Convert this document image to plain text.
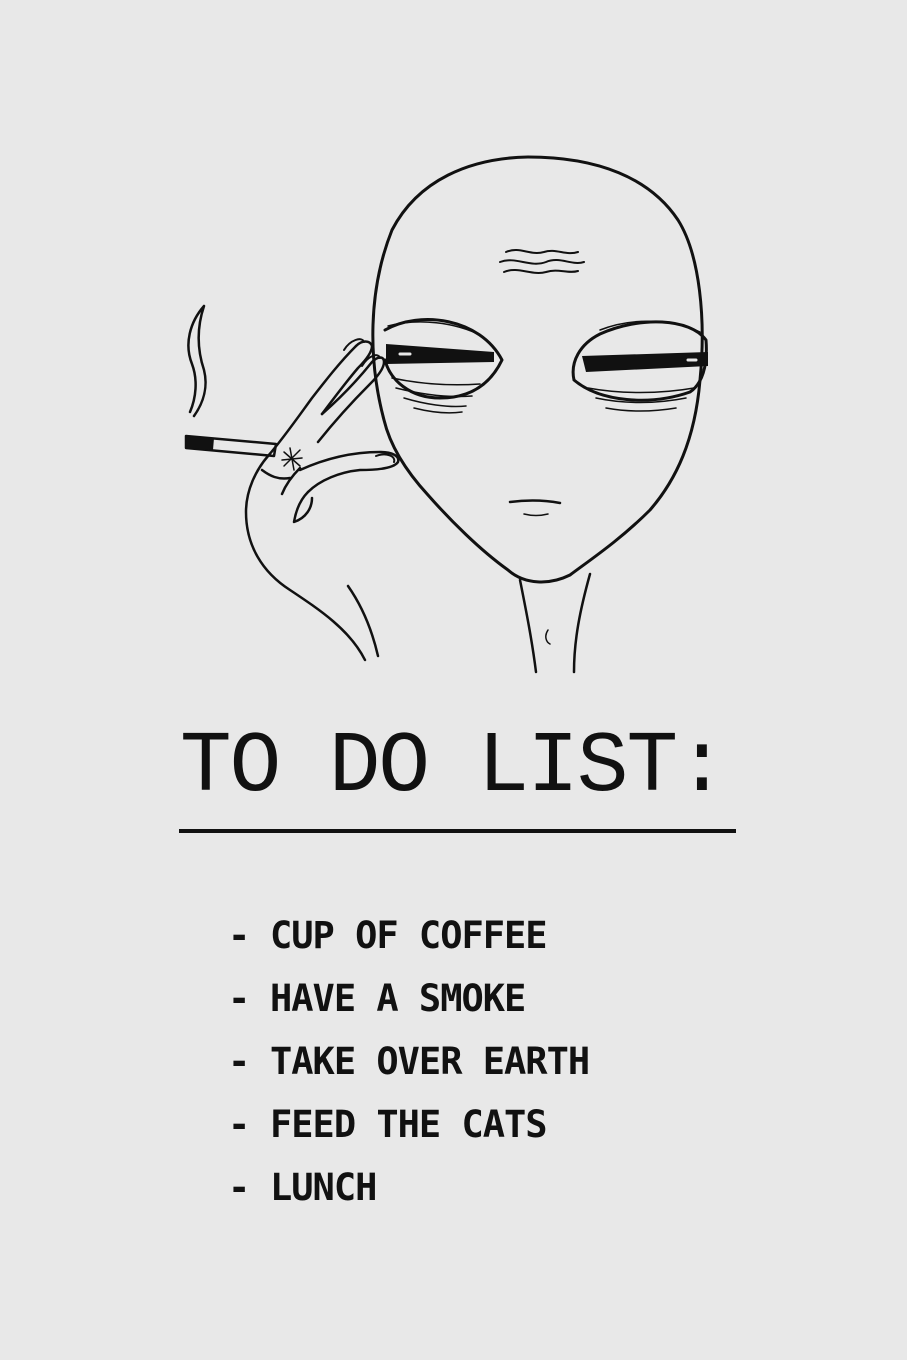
TO DO LIST:
- CUP OF COFFEE
- HAVE A SMOKE
- TAKE OVER EARTH
- FEED THE CATS
- LUNCH
